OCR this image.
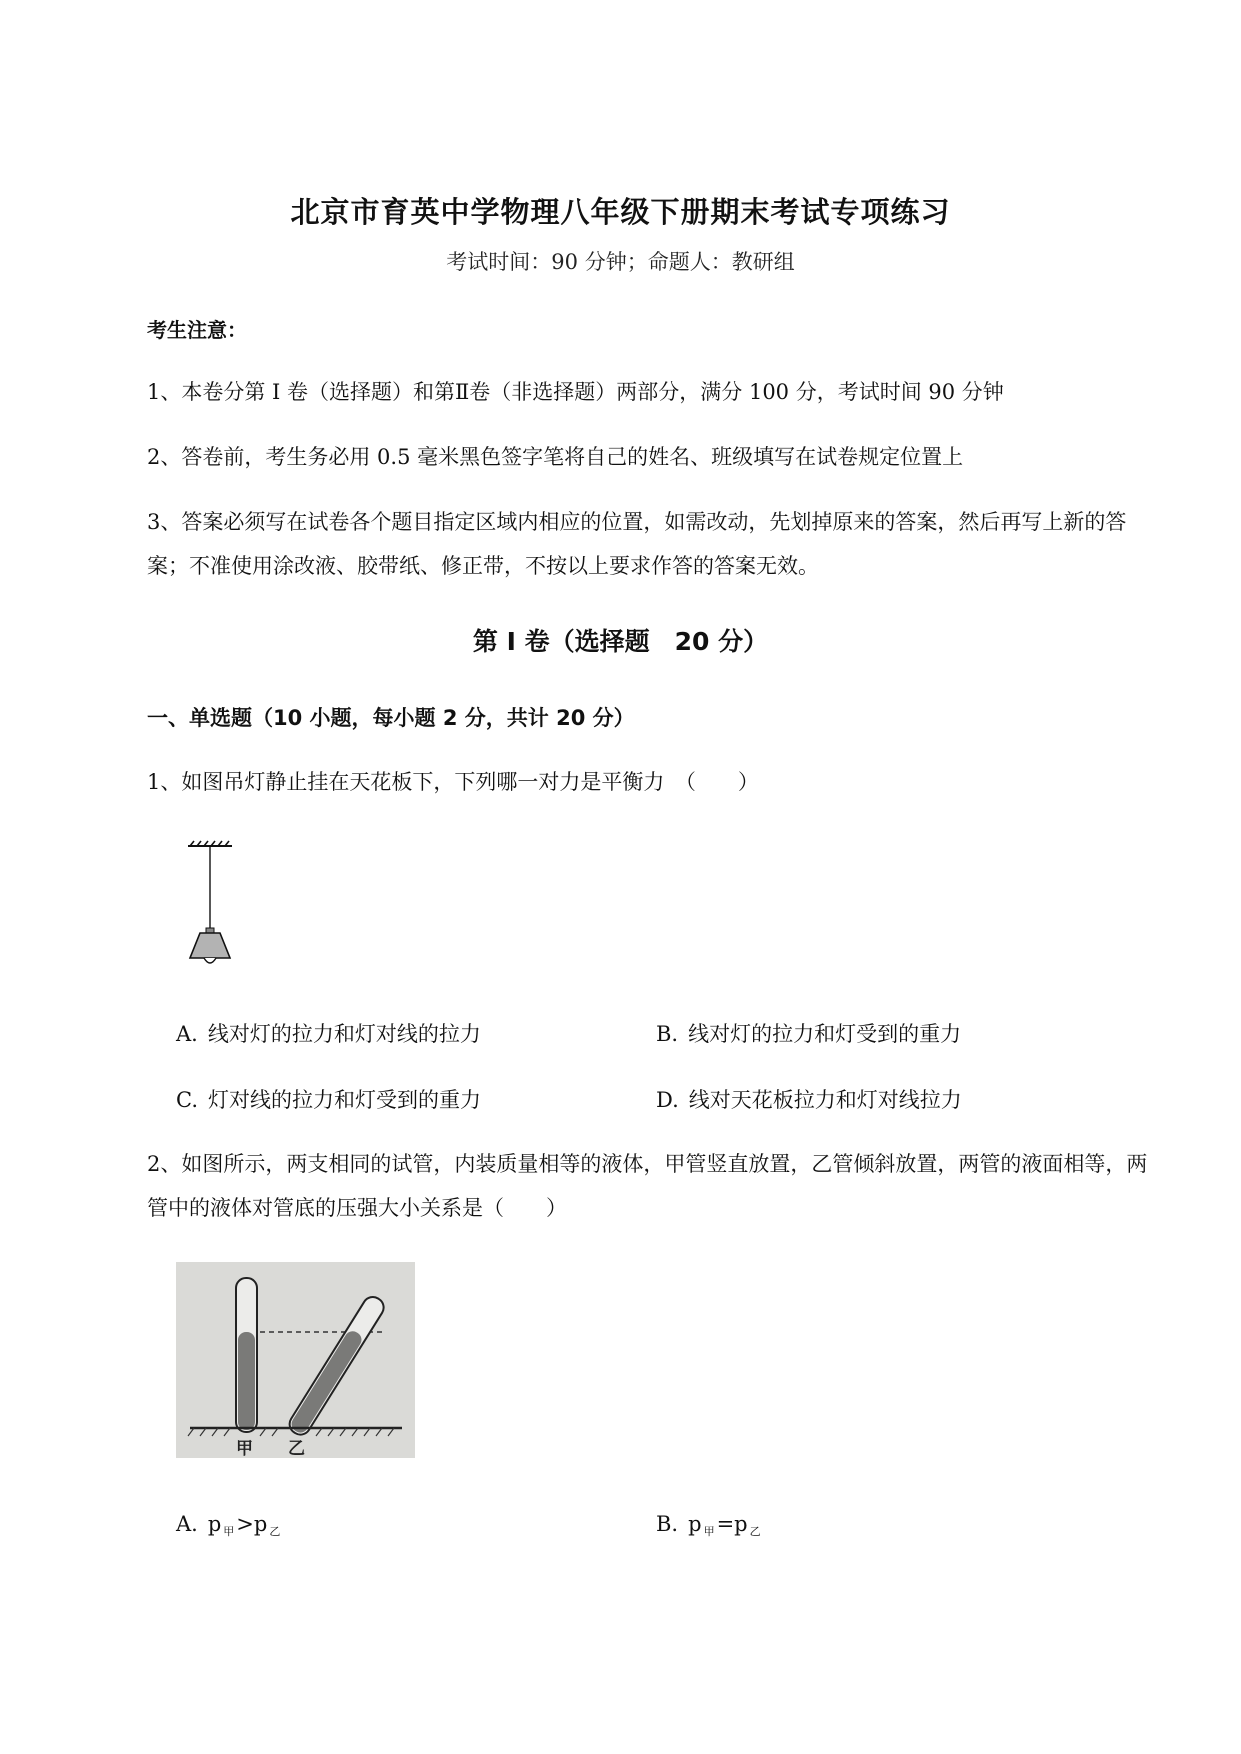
北京市育英中学物理八年级下册期末考试专项练习
考试时间：90 分钟；命题人：教研组
考生注意：
1、本卷分第 I 卷（选择题）和第Ⅱ卷（非选择题）两部分，满分 100 分，考试时间 90 分钟
2、答卷前，考生务必用 0.5 毫米黑色签字笔将自己的姓名、班级填写在试卷规定位置上
3、答案必须写在试卷各个题目指定区域内相应的位置，如需改动，先划掉原来的答案，然后再写上新的答案；不准使用涂改液、胶带纸、修正带，不按以上要求作答的答案无效。
第 I 卷（选择题　20 分）
一、单选题（10 小题，每小题 2 分，共计 20 分）
1、如图吊灯静止挂在天花板下，下列哪一对力是平衡力　（　　）
A. 线对灯的拉力和灯对线的拉力	B. 线对灯的拉力和灯受到的重力
C. 灯对线的拉力和灯受到的重力	D. 线对天花板拉力和灯对线拉力
2、如图所示，两支相同的试管，内装质量相等的液体，甲管竖直放置，乙管倾斜放置，两管的液面相等，两管中的液体对管底的压强大小关系是（　　）
甲 乙
A. p $_甲$>p $_乙$	B. p $_甲$=p $_乙$
